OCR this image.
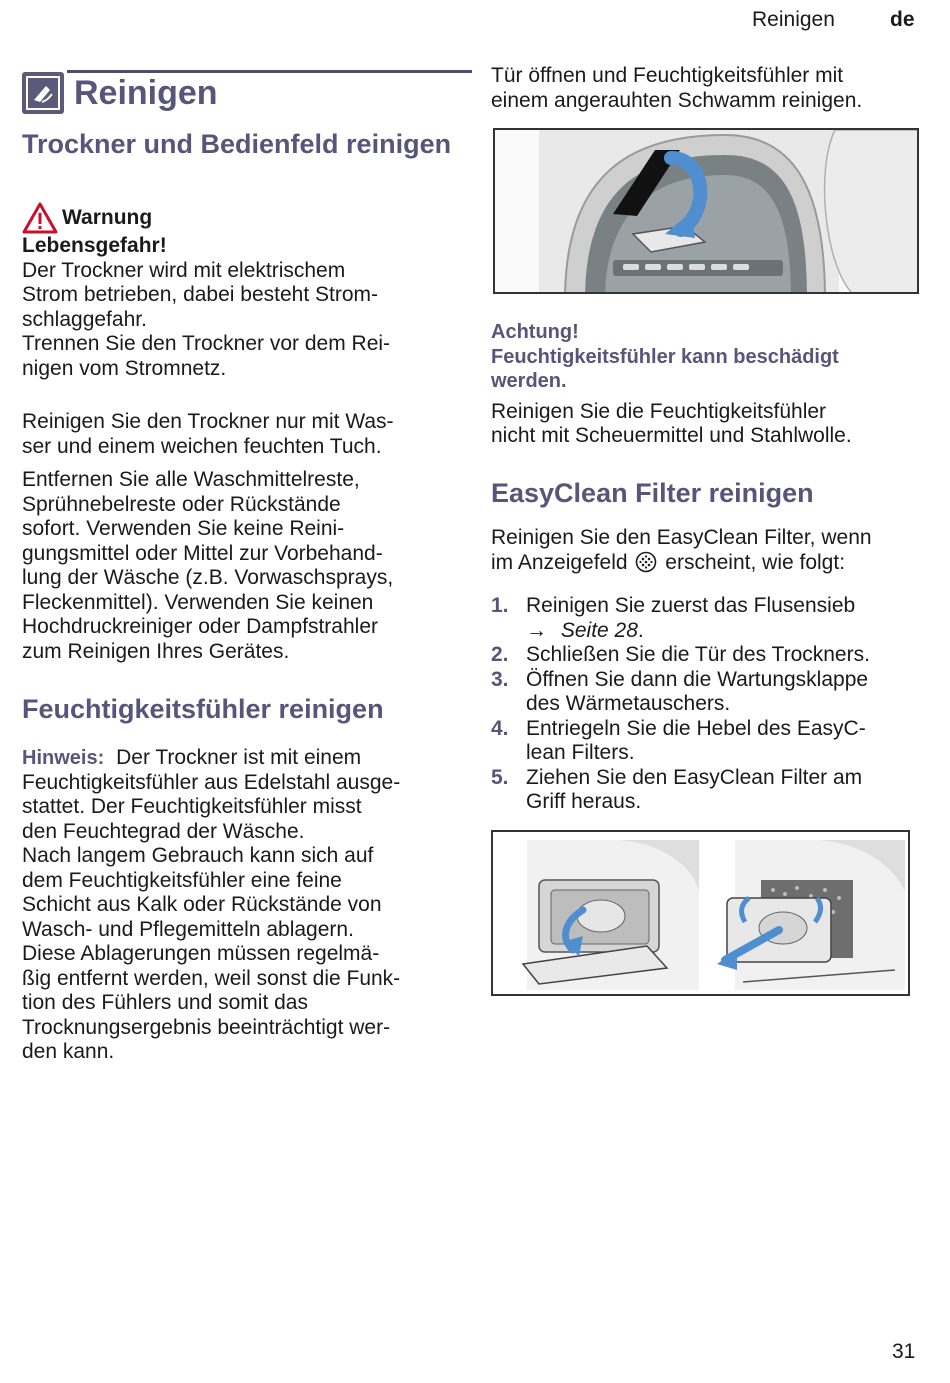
Reinigen	de
Reinigen
Trockner und Bedienfeld reinigen
Warnung
Lebensgefahr!
Der Trockner wird mit elektrischem
Strom betrieben, dabei besteht Strom-
schlaggefahr.
Trennen Sie den Trockner vor dem Rei-
nigen vom Stromnetz.
Reinigen Sie den Trockner nur mit Was-
ser und einem weichen feuchten Tuch.
Entfernen Sie alle Waschmittelreste,
Sprühnebelreste oder Rückstände
sofort. Verwenden Sie keine Reini-
gungsmittel oder Mittel zur Vorbehand-
lung der Wäsche (z.B. Vorwaschsprays,
Fleckenmittel). Verwenden Sie keinen
Hochdruckreiniger oder Dampfstrahler
zum Reinigen Ihres Gerätes.
Feuchtigkeitsfühler reinigen
Hinweis: Der Trockner ist mit einem
Feuchtigkeitsfühler aus Edelstahl ausge-
stattet. Der Feuchtigkeitsfühler misst
den Feuchtegrad der Wäsche.
Nach langem Gebrauch kann sich auf
dem Feuchtigkeitsfühler eine feine
Schicht aus Kalk oder Rückstände von
Wasch- und Pflegemitteln ablagern.
Diese Ablagerungen müssen regelmä-
ßig entfernt werden, weil sonst die Funk-
tion des Fühlers und somit das
Trocknungsergebnis beeinträchtigt wer-
den kann.
Tür öffnen und Feuchtigkeitsfühler mit
einem angerauhten Schwamm reinigen.
Achtung!
Feuchtigkeitsfühler kann beschädigt
werden.
Reinigen Sie die Feuchtigkeitsfühler
nicht mit Scheuermittel und Stahlwolle.
EasyClean Filter reinigen
Reinigen Sie den EasyClean Filter, wenn
im Anzeigefeld erscheint, wie folgt:
1. Reinigen Sie zuerst das Flusensieb
→ Seite 28.
2. Schließen Sie die Tür des Trockners.
3. Öffnen Sie dann die Wartungsklappe
des Wärmetauschers.
4. Entriegeln Sie die Hebel des EasyC-
lean Filters.
5. Ziehen Sie den EasyClean Filter am
Griff heraus.
31
